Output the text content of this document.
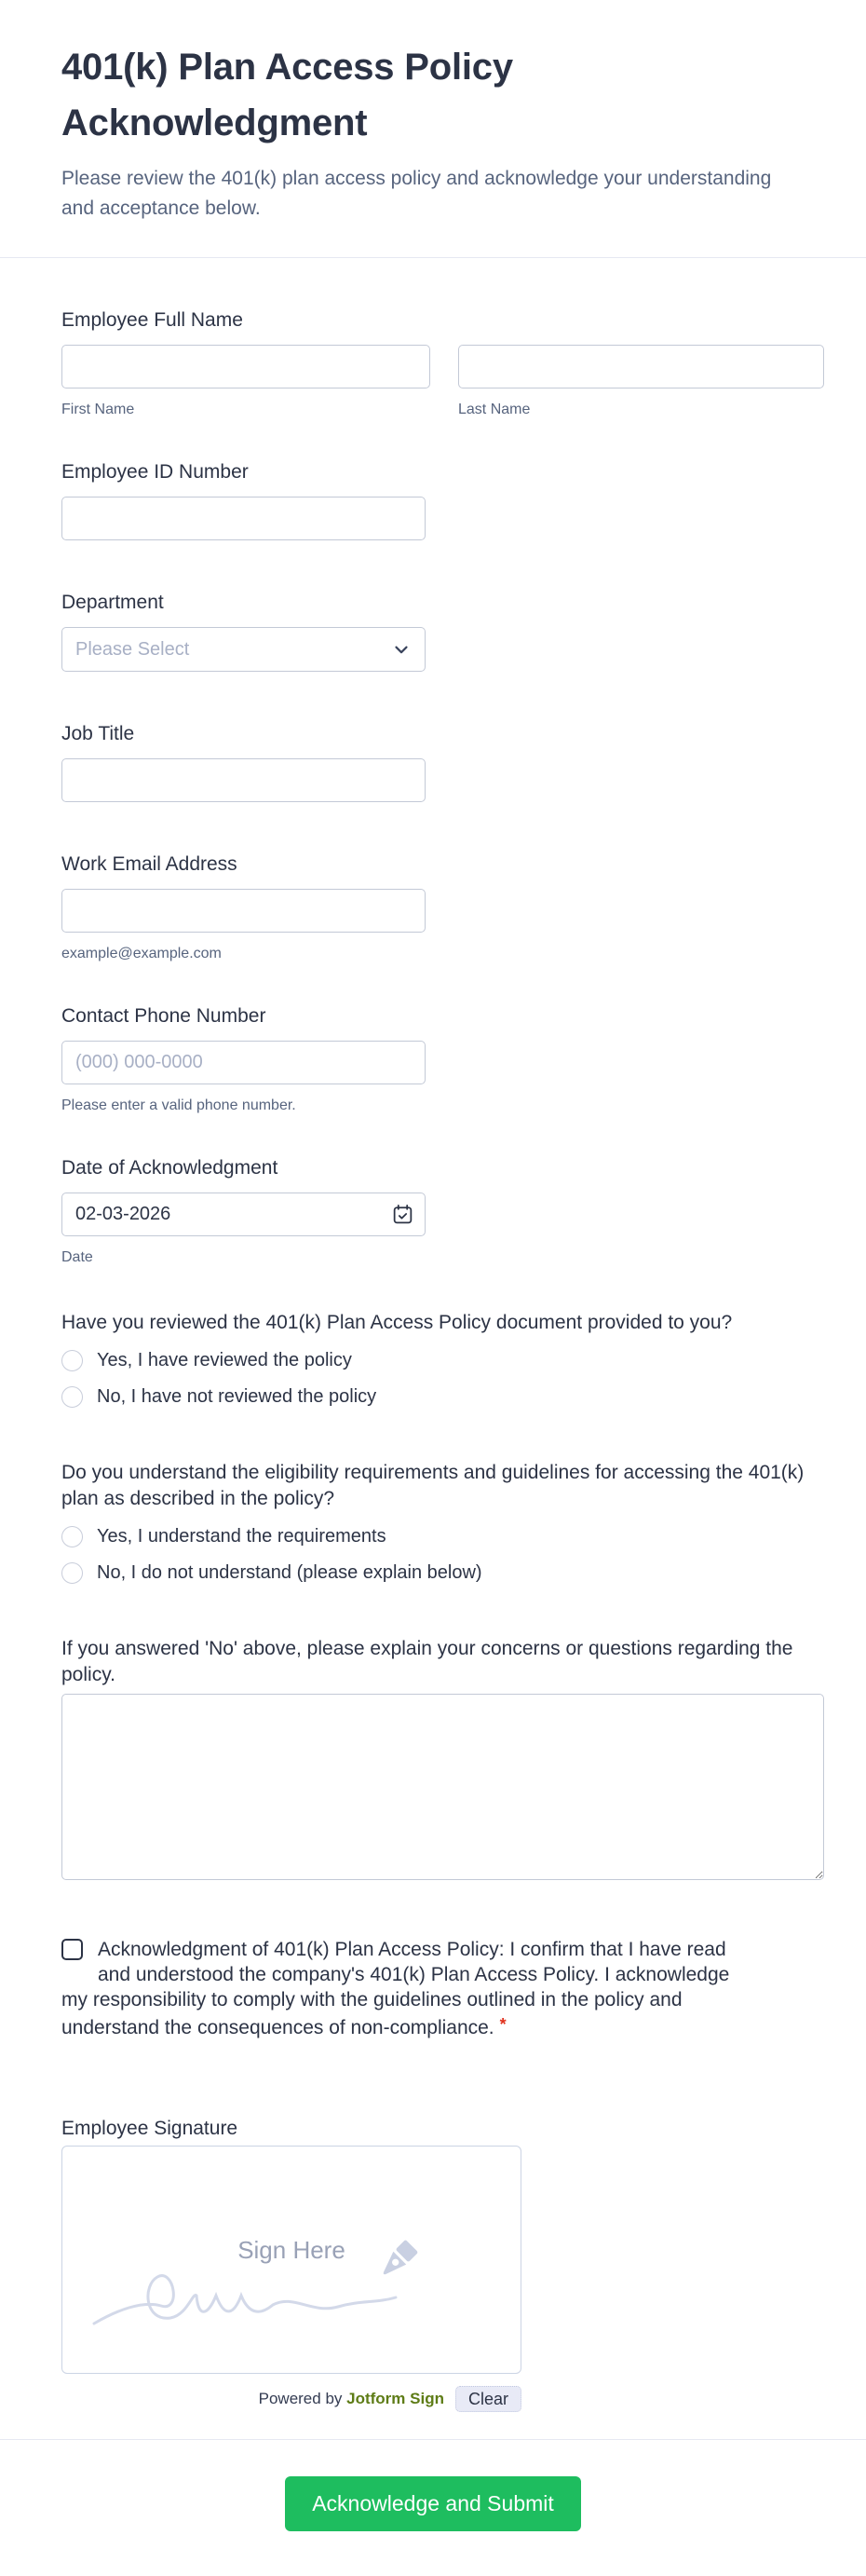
401(k) Plan Access Policy
Acknowledgment

Please review the 401(k) plan access policy and acknowledge your understanding and acceptance below.

Employee Full Name
First Name	Last Name
Employee ID Number
Department
Please Select
Job Title
Work Email Address
example@example.com
Contact Phone Number
(000) 000-0000
Please enter a valid phone number.
Date of Acknowledgment
02-03-2026
Date
Have you reviewed the 401(k) Plan Access Policy document provided to you?
Yes, I have reviewed the policy
No, I have not reviewed the policy
Do you understand the eligibility requirements and guidelines for accessing the 401(k) plan as described in the policy?
Yes, I understand the requirements
No, I do not understand (please explain below)
If you answered 'No' above, please explain your concerns or questions regarding the policy.
Acknowledgment of 401(k) Plan Access Policy: I confirm that I have read and understood the company's 401(k) Plan Access Policy. I acknowledge my responsibility to comply with the guidelines outlined in the policy and understand the consequences of non-compliance. *
Employee Signature
Sign Here
Powered by Jotform Sign	Clear
Acknowledge and Submit
